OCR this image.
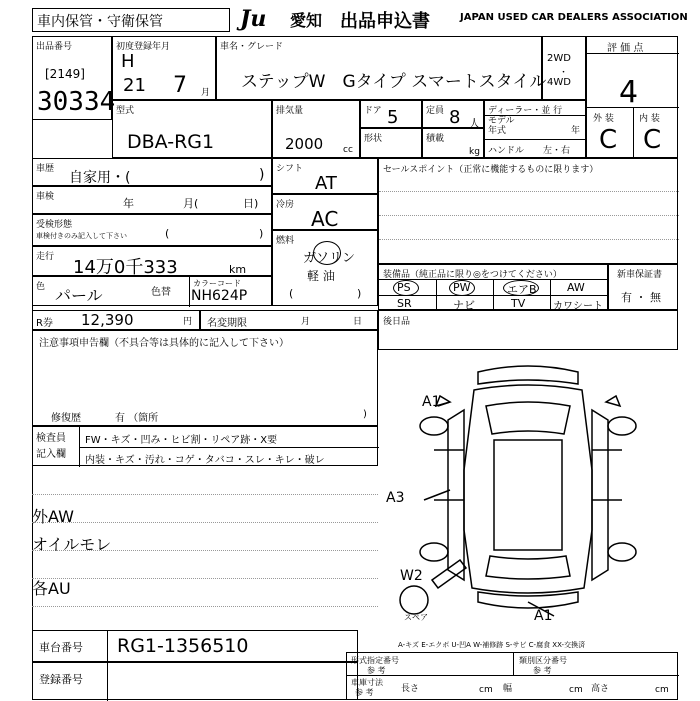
車内保管・守衛保管	Ju	愛知 出品申込書	JAPAN USED CAR DEALERS ASSOCIATION
出品番号
[2149]
30334
初度登録年月
H
21 7 月
車名・グレード
ステップW　Gタイプ スマートスタイル
2WD
・
4WD
評 価 点
4
外 装	内 装
C C
型式
DBA-RG1
排気量
2000 cc
ドア 5	定員 8 人
形状	積載
kg
ディーラー・並 行
モデル
年式	年
ハンドル 左・右
車歴
自家用・(	)
車検	年	月(	日)
受検形態
車検付きのみ記入して下さい	(	)
走行 14万0千333	km
色 パール	色替
カラーコード
NH624P
シフト
AT
冷房
AC
燃料
ガソリン
軽 油
(	)
セールスポイント（正常に機能するものに限ります）
装備品（純正品に限り◎をつけてください）
PS	PW	エアB	AW
SR	ナビ	TV	カワシート
新車保証書
有 ・ 無
R券 12,390	円 名変期限	月	日 後日品
注意事項申告欄（不具合等は具体的に記入して下さい）
修復歴	有 （箇所	)
検査員
記入欄
FW・キズ・凹み・ヒビ割・リペア跡・X要
内装・キズ・汚れ・コゲ・タバコ・スレ・キレ・破レ
外AW
オイルモレ
各AU
A1
A3
W2
A1
スペア
A-キズ E-エクボ U-凹A W-補修跡 S-サビ C-腐食 XX-交換済
車台番号 RG1-1356510
登録番号
形式指定番号
参 考
類別区分番号
参 考
車庫寸法
参 考	長さ	cm 幅	cm 高さ	cm
